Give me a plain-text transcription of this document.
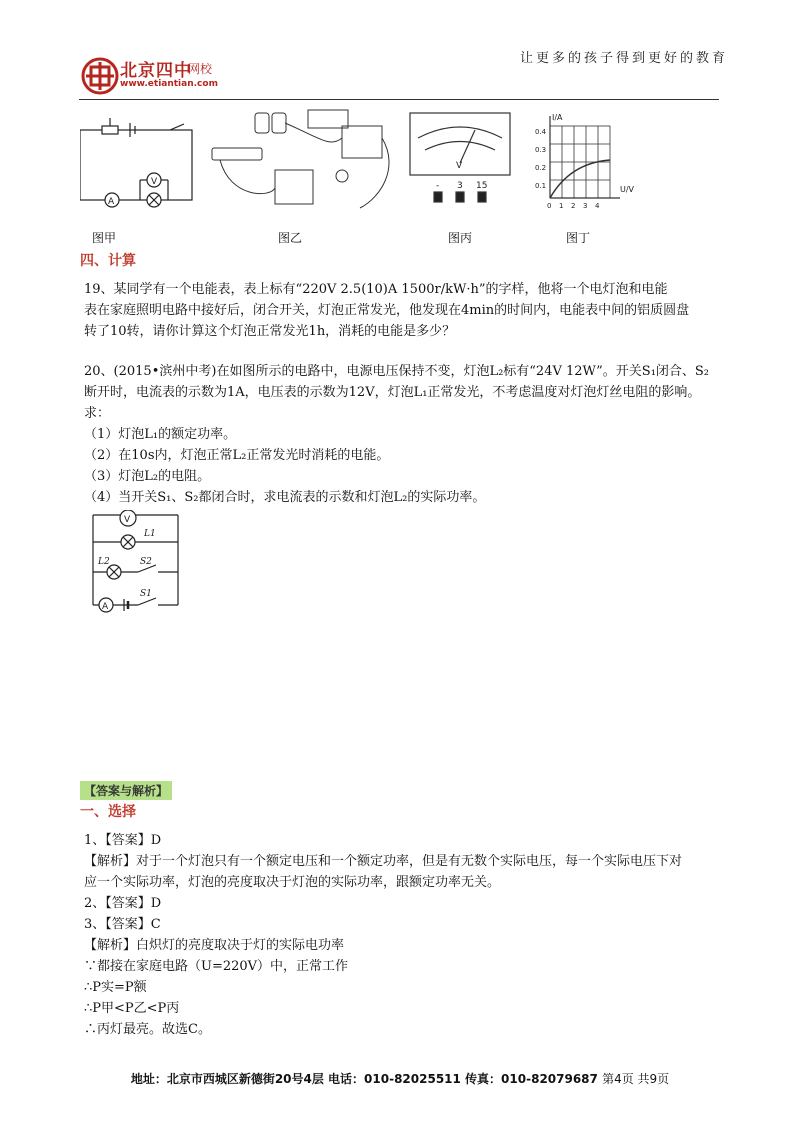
北京四中
网校
www.etiantian.com
让更多的孩子得到更好的教育
A
V	- 3 15
V
I/A
U/V
0.4
0.3
0.2
0.1
0 1 2 3 4
图甲	图乙	图丙	图丁
四、计算
19、某同学有一个电能表，表上标有“220V 2.5(10)A 1500r/kW·h”的字样，他将一个电灯泡和电能
表在家庭照明电路中接好后，闭合开关，灯泡正常发光，他发现在4min的时间内，电能表中间的铝质圆盘
转了10转，请你计算这个灯泡正常发光1h，消耗的电能是多少？
20、(2015•滨州中考)在如图所示的电路中，电源电压保持不变，灯泡L₂标有“24V 12W”。开关S₁闭合、S₂
断开时，电流表的示数为1A，电压表的示数为12V，灯泡L₁正常发光，不考虑温度对灯泡灯丝电阻的影响。
求：
（1）灯泡L₁的额定功率。
（2）在10s内，灯泡正常L₂正常发光时消耗的电能。
（3）灯泡L₂的电阻。
（4）当开关S₁、S₂都闭合时，求电流表的示数和灯泡L₂的实际功率。
V
L1
L2	S2
A
S1
【答案与解析】
一、选择
1、【答案】D
【解析】对于一个灯泡只有一个额定电压和一个额定功率，但是有无数个实际电压，每一个实际电压下对
应一个实际功率，灯泡的亮度取决于灯泡的实际功率，跟额定功率无关。
2、【答案】D
3、【答案】C
【解析】白炽灯的亮度取决于灯的实际电功率
∵都接在家庭电路（U=220V）中，正常工作
∴P实=P额
∴P甲<P乙<P丙
∴丙灯最亮。故选C。
地址：北京市西城区新德街20号4层 电话：010-82025511 传真：010-82079687 第4页 共9页
